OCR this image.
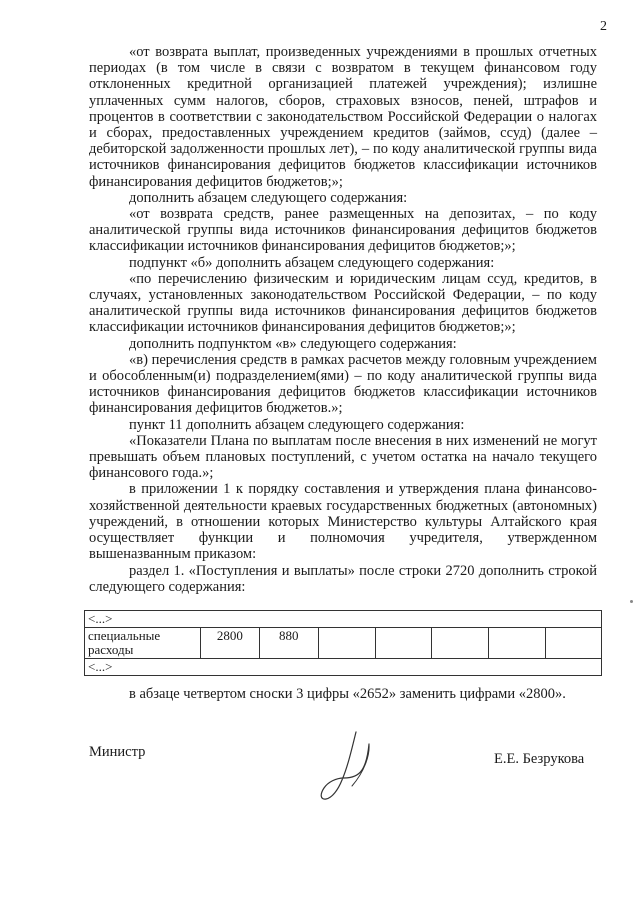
2

«от возврата выплат, произведенных учреждениями в прошлых отчетных периодах (в том числе в связи с возвратом в текущем финансовом году отклоненных кредитной организацией платежей учреждения); излишне уплаченных сумм налогов, сборов, страховых взносов, пеней, штрафов и процентов в соответствии с законодательством Российской Федерации о налогах и сборах, предоставленных учреждением кредитов (займов, ссуд) (далее – дебиторской задолженности прошлых лет), – по коду аналитической группы вида источников финансирования дефицитов бюджетов классификации источников финансирования дефицитов бюджетов;»;

дополнить абзацем следующего содержания:

«от возврата средств, ранее размещенных на депозитах, – по коду аналитической группы вида источников финансирования дефицитов бюджетов классификации источников финансирования дефицитов бюджетов;»;

подпункт «б» дополнить абзацем следующего содержания:

«по перечислению физическим и юридическим лицам ссуд, кредитов, в случаях, установленных законодательством Российской Федерации, – по коду аналитической группы вида источников финансирования дефицитов бюджетов классификации источников финансирования дефицитов бюджетов;»;

дополнить подпунктом «в» следующего содержания:

«в) перечисления средств в рамках расчетов между головным учреждением и обособленным(и) подразделением(ями) – по коду аналитической группы вида источников финансирования дефицитов бюджетов классификации источников финансирования дефицитов бюджетов.»;

пункт 11 дополнить абзацем следующего содержания:

«Показатели Плана по выплатам после внесения в них изменений не могут превышать объем плановых поступлений, с учетом остатка на начало текущего финансового года.»;

в приложении 1 к порядку составления и утверждения плана финансово-хозяйственной деятельности краевых государственных бюджетных (автономных) учреждений, в отношении которых Министерство культуры Алтайского края осуществляет функции и полномочия учредителя, утвержденном вышеназванным приказом:

раздел 1. «Поступления и выплаты» после строки 2720 дополнить строкой следующего содержания:

<...>
специальные расходы	2800	880					
<...>
в абзаце четвертом сноски 3 цифры «2652» заменить цифрами «2800».
Министр	Е.Е. Безрукова
